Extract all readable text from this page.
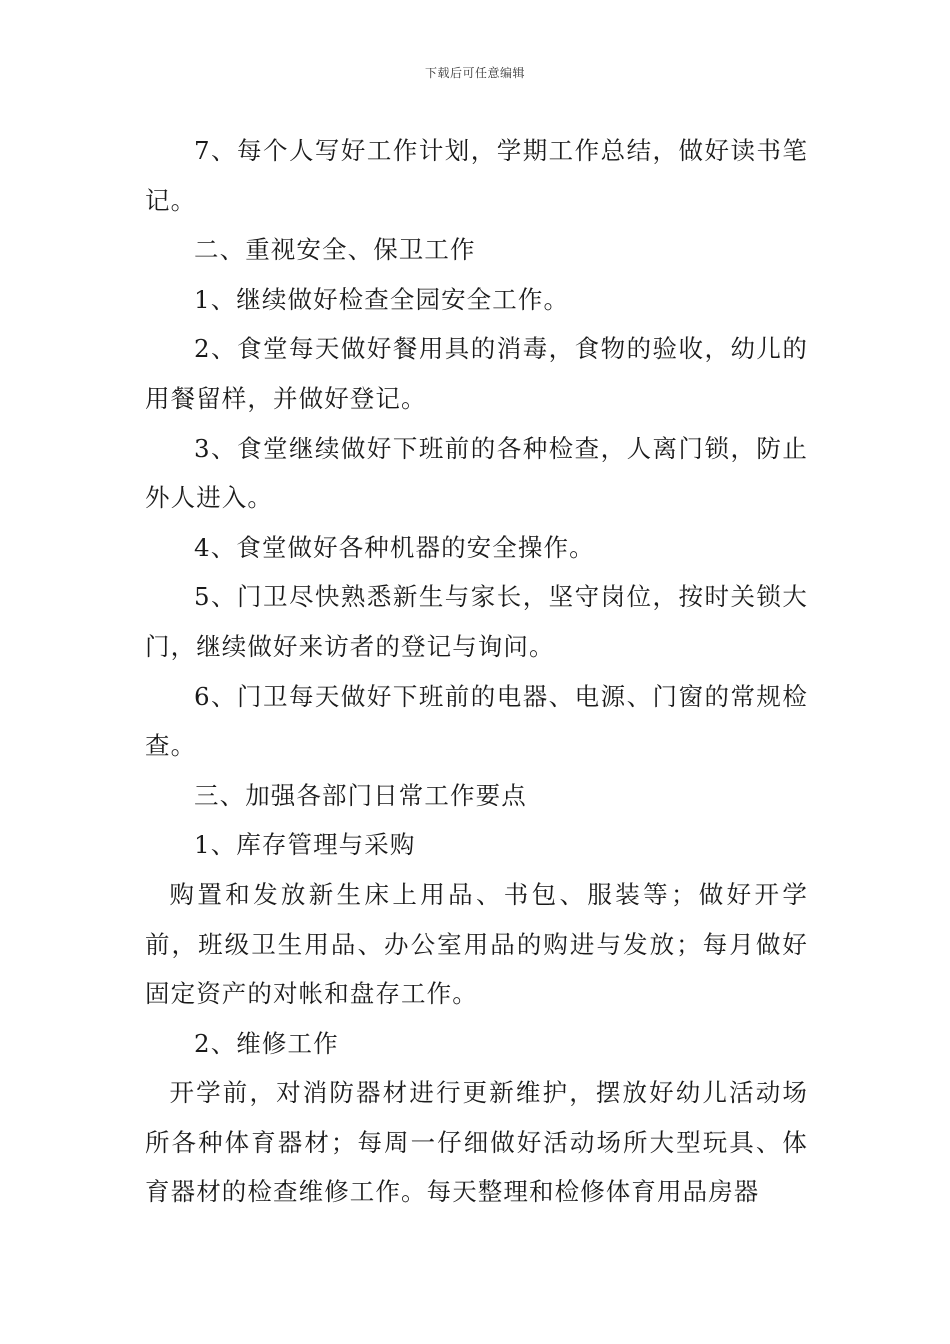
下载后可任意编辑

7、每个人写好工作计划，学期工作总结，做好读书笔记。

二、重视安全、保卫工作

1、继续做好检查全园安全工作。

2、食堂每天做好餐用具的消毒，食物的验收，幼儿的用餐留样，并做好登记。

3、食堂继续做好下班前的各种检查，人离门锁，防止外人进入。

4、食堂做好各种机器的安全操作。

5、门卫尽快熟悉新生与家长，坚守岗位，按时关锁大门，继续做好来访者的登记与询问。

6、门卫每天做好下班前的电器、电源、门窗的常规检查。

三、加强各部门日常工作要点

1、库存管理与采购

购置和发放新生床上用品、书包、服装等；做好开学前，班级卫生用品、办公室用品的购进与发放；每月做好固定资产的对帐和盘存工作。

2、维修工作

开学前，对消防器材进行更新维护，摆放好幼儿活动场所各种体育器材；每周一仔细做好活动场所大型玩具、体育器材的检查维修工作。每天整理和检修体育用品房器
